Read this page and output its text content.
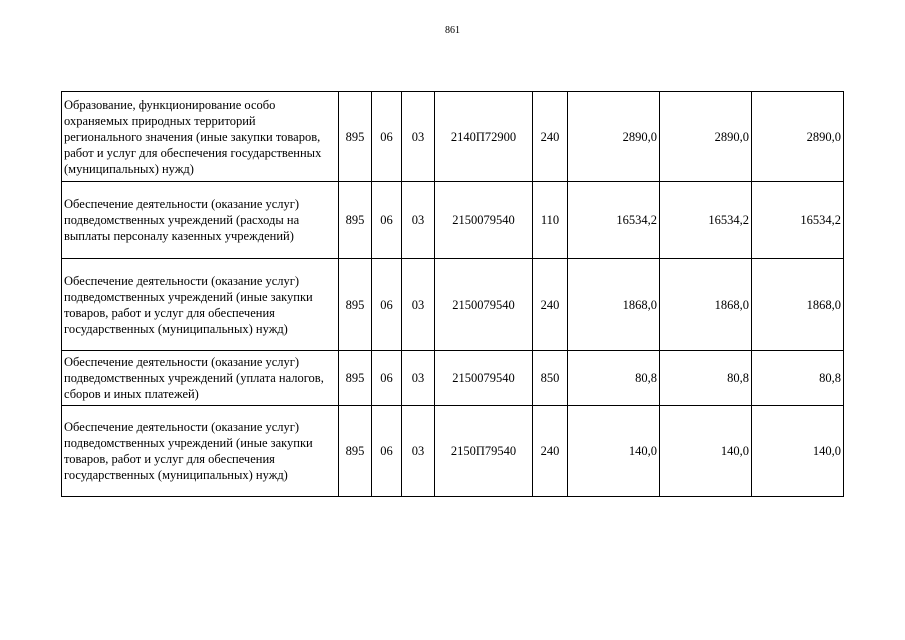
861
Образование, функционирование особо охраняемых природных территорий регионального значения (иные закупки товаров, работ и услуг для обеспечения государственных (муниципальных) нужд)	895	06	03	2140П72900	240	2890,0	2890,0	2890,0
Обеспечение деятельности (оказание услуг) подведомственных учреждений (расходы на выплаты персоналу казенных учреждений)	895	06	03	2150079540	110	16534,2	16534,2	16534,2
Обеспечение деятельности (оказание услуг) подведомственных учреждений (иные закупки товаров, работ и услуг для обеспечения государственных (муниципальных) нужд)	895	06	03	2150079540	240	1868,0	1868,0	1868,0
Обеспечение деятельности (оказание услуг) подведомственных учреждений (уплата налогов, сборов и иных платежей)	895	06	03	2150079540	850	80,8	80,8	80,8
Обеспечение деятельности (оказание услуг) подведомственных учреждений (иные закупки товаров, работ и услуг для обеспечения государственных (муниципальных) нужд)	895	06	03	2150П79540	240	140,0	140,0	140,0
